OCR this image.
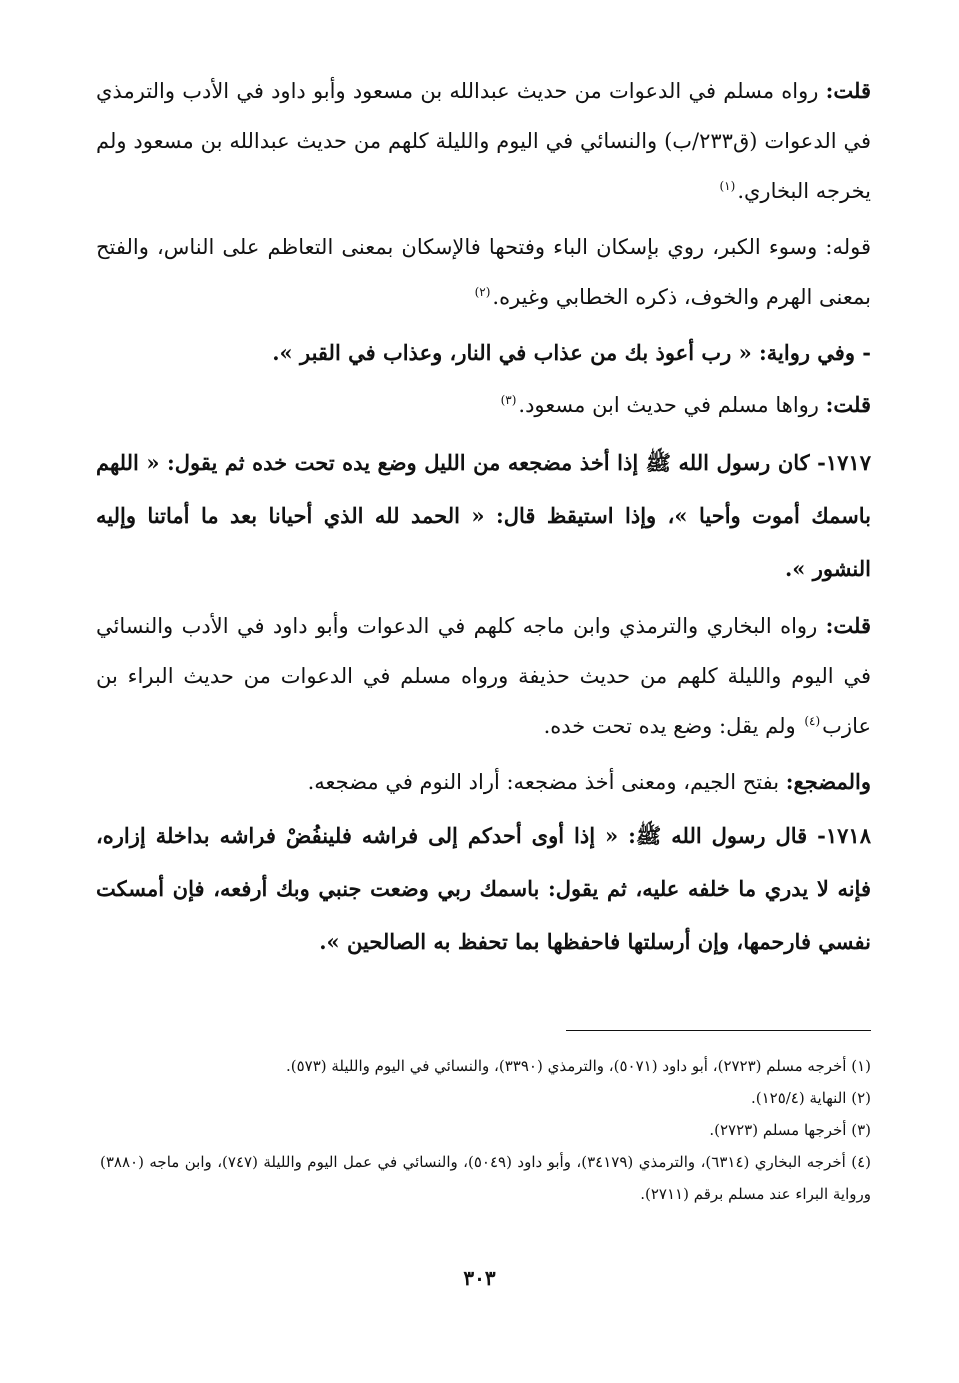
قلت: رواه مسلم في الدعوات من حديث عبدالله بن مسعود وأبو داود في الأدب والترمذي في الدعوات (ق٢٣٣/ب) والنسائي في اليوم والليلة كلهم من حديث عبدالله بن مسعود ولم يخرجه البخاري.$^{(١)}$

قوله: وسوء الكبر، روي بإسكان الباء وفتحها فالإسكان بمعنى التعاظم على الناس، والفتح بمعنى الهرم والخوف، ذكره الخطابي وغيره.$^{(٢)}$

- وفي رواية: « رب أعوذ بك من عذاب في النار، وعذاب في القبر ».

قلت: رواها مسلم في حديث ابن مسعود.$^{(٣)}$

١٧١٧- كان رسول الله ﷺ إذا أخذ مضجعه من الليل وضع يده تحت خده ثم يقول: « اللهم باسمك أموت وأحيا »، وإذا استيقظ قال: « الحمد لله الذي أحيانا بعد ما أماتنا وإليه النشور ».

قلت: رواه البخاري والترمذي وابن ماجه كلهم في الدعوات وأبو داود في الأدب والنسائي في اليوم والليلة كلهم من حديث حذيفة ورواه مسلم في الدعوات من حديث البراء بن عازب$^{(٤)}$ ولم يقل: وضع يده تحت خده.

والمضجع: بفتح الجيم، ومعنى أخذ مضجعه: أراد النوم في مضجعه.

١٧١٨- قال رسول الله ﷺ: « إذا أوى أحدكم إلى فراشه فلينفُضْ فراشه بداخلة إزاره، فإنه لا يدري ما خلفه عليه، ثم يقول: باسمك ربي وضعت جنبي وبك أرفعه، فإن أمسكت نفسي فارحمها، وإن أرسلتها فاحفظها بما تحفظ به الصالحين ».

(١) أخرجه مسلم (٢٧٢٣)، أبو داود (٥٠٧١)، والترمذي (٣٣٩٠)، والنسائي في اليوم والليلة (٥٧٣).

(٢) النهاية (١٢٥/٤).

(٣) أخرجها مسلم (٢٧٢٣).

(٤) أخرجه البخاري (٦٣١٤)، والترمذي (٣٤١٧٩)، وأبو داود (٥٠٤٩)، والنسائي في عمل اليوم والليلة (٧٤٧)، وابن ماجه (٣٨٨٠) ورواية البراء عند مسلم برقم (٢٧١١).

٣٠٣
